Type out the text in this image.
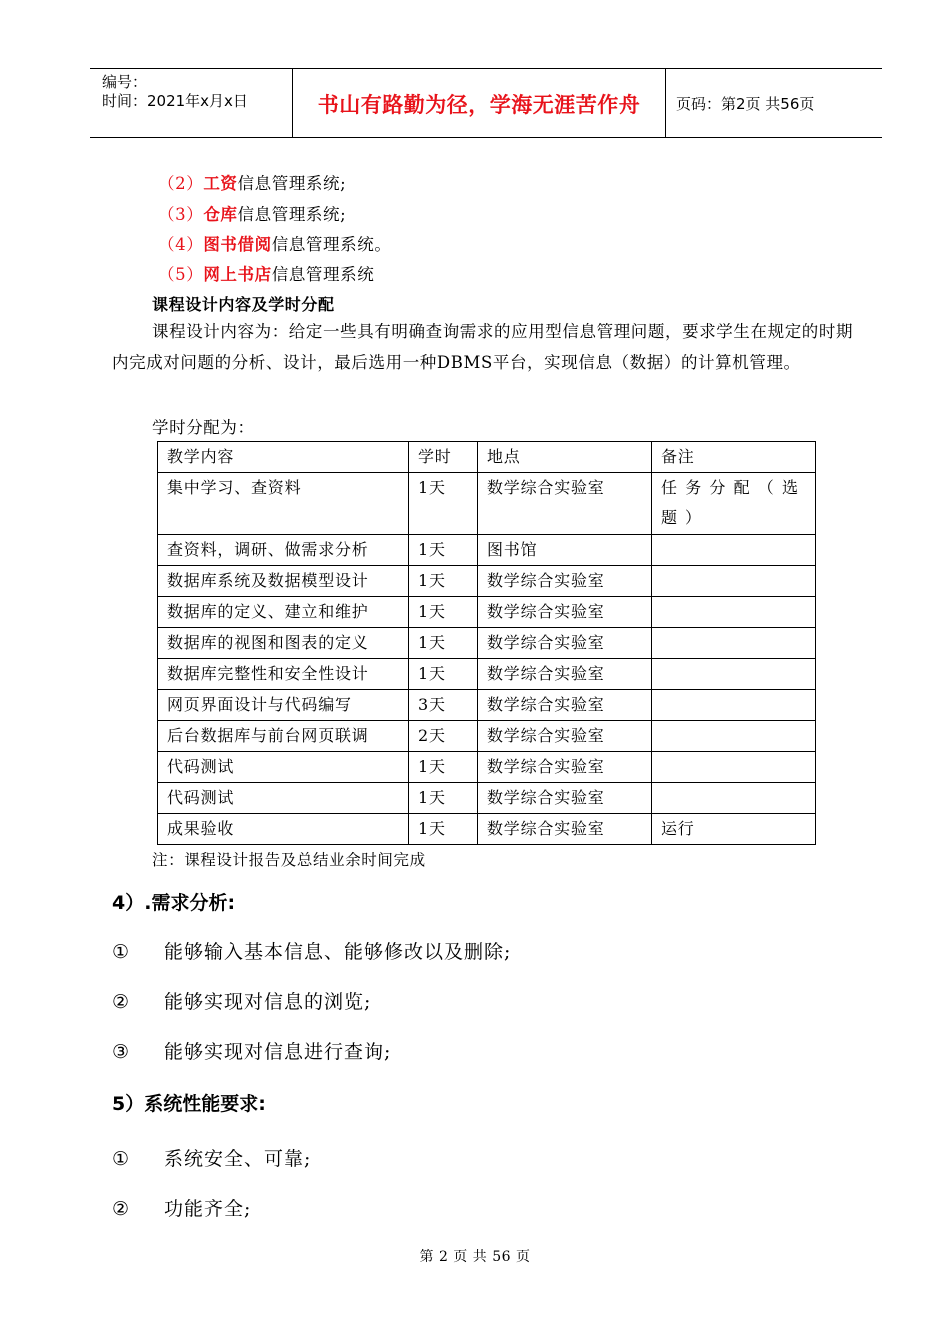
编号：
时间：2021年x月x日	书山有路勤为径，学海无涯苦作舟	页码：第2页 共56页
（2）工资信息管理系统;
（3）仓库信息管理系统;
（4）图书借阅信息管理系统。
（5）网上书店信息管理系统
课程设计内容及学时分配
课程设计内容为：给定一些具有明确查询需求的应用型信息管理问题，要求学生在规定的时期内完成对问题的分析、设计，最后选用一种DBMS平台，实现信息（数据）的计算机管理。
学时分配为：
教学内容	学时	地点	备注
集中学习、查资料	1天	数学综合实验室	任务分配（选题）
查资料，调研、做需求分析	1天	图书馆	
数据库系统及数据模型设计	1天	数学综合实验室	
数据库的定义、建立和维护	1天	数学综合实验室	
数据库的视图和图表的定义	1天	数学综合实验室	
数据库完整性和安全性设计	1天	数学综合实验室	
网页界面设计与代码编写	3天	数学综合实验室	
后台数据库与前台网页联调	2天	数学综合实验室	
代码测试	1天	数学综合实验室	
代码测试	1天	数学综合实验室	
成果验收	1天	数学综合实验室	运行
注：课程设计报告及总结业余时间完成
4）.需求分析:
① 能够输入基本信息、能够修改以及删除;
② 能够实现对信息的浏览;
③ 能够实现对信息进行查询;
5）系统性能要求:
① 系统安全、可靠;
② 功能齐全;
第 2 页 共 56 页
